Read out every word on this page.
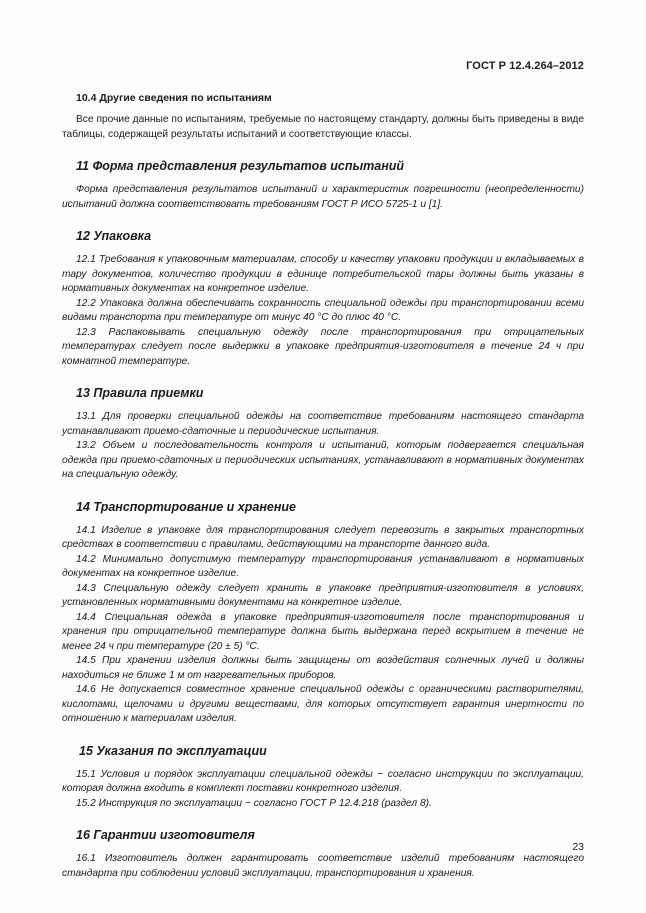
ГОСТ Р 12.4.264–2012
10.4 Другие сведения по испытаниям

Все прочие данные по испытаниям, требуемые по настоящему стандарту, должны быть приведены в виде таблицы, содержащей результаты испытаний и соответствующие классы.

11 Форма представления результатов испытаний

Форма представления результатов испытаний и характеристик погрешности (неопределенности) испытаний должна соответствовать требованиям ГОСТ Р ИСО 5725-1 и [1].

12 Упаковка

12.1 Требования к упаковочным материалам, способу и качеству упаковки продукции и вкладываемых в тару документов, количество продукции в единице потребительской тары должны быть указаны в нормативных документах на конкретное изделие.

12.2 Упаковка должна обеспечивать сохранность специальной одежды при транспортировании всеми видами транспорта при температуре от минус 40 °С до плюс 40 °С.

12.3 Распаковывать специальную одежду после транспортирования при отрицательных температурах следует после выдержки в упаковке предприятия-изготовителя в течение 24 ч при комнатной температуре.

13 Правила приемки

13.1 Для проверки специальной одежды на соответствие требованиям настоящего стандарта устанавливают приемо-сдаточные и периодические испытания.

13.2 Объем и последовательность контроля и испытаний, которым подвергается специальная одежда при приемо-сдаточных и периодических испытаниях, устанавливают в нормативных документах на специальную одежду.

14 Транспортирование и хранение

14.1 Изделие в упаковке для транспортирования следует перевозить в закрытых транспортных средствах в соответствии с правилами, действующими на транспорте данного вида.

14.2 Минимально допустимую температуру транспортирования устанавливают в нормативных документах на конкретное изделие.

14.3 Специальную одежду следует хранить в упаковке предприятия-изготовителя в условиях, установленных нормативными документами на конкретное изделие.

14.4 Специальная одежда в упаковке предприятия-изготовителя после транспортирования и хранения при отрицательной температуре должна быть выдержана перед вскрытием в течение не менее 24 ч при температуре (20 ± 5) °С.

14.5 При хранении изделия должны быть защищены от воздействия солнечных лучей и должны находиться не ближе 1 м от нагревательных приборов.

14.6 Не допускается совместное хранение специальной одежды с органическими растворителями, кислотами, щелочами и другими веществами, для которых отсутствует гарантия инертности по отношению к материалам изделия.

15 Указания по эксплуатации

15.1 Условия и порядок эксплуатации специальной одежды − согласно инструкции по эксплуатации, которая должна входить в комплект поставки конкретного изделия.

15.2 Инструкция по эксплуатации − согласно ГОСТ Р 12.4.218 (раздел 8).

16 Гарантии изготовителя

16.1 Изготовитель должен гарантировать соответствие изделий требованиям настоящего стандарта при соблюдении условий эксплуатации, транспортирования и хранения.

23
